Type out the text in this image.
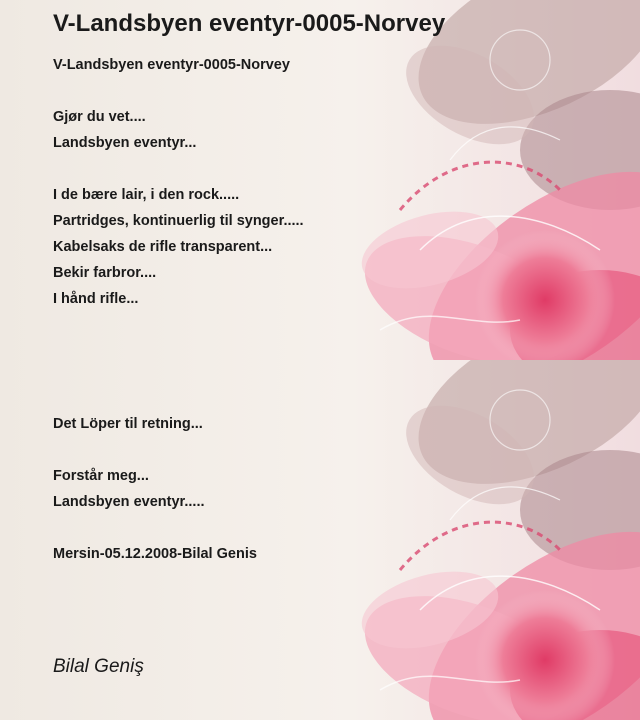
V-Landsbyen eventyr-0005-Norvey
V-Landsbyen eventyr-0005-Norvey
Gjør du vet....
Landsbyen eventyr...
I de bære lair, i den rock.....
Partridges, kontinuerlig til synger.....
Kabelsaks de rifle transparent...
Bekir farbror....
I hånd rifle...
Det Löper til retning...
Forstår meg...
Landsbyen eventyr.....
Mersin-05.12.2008-Bilal Genis

Bilal Geniş
